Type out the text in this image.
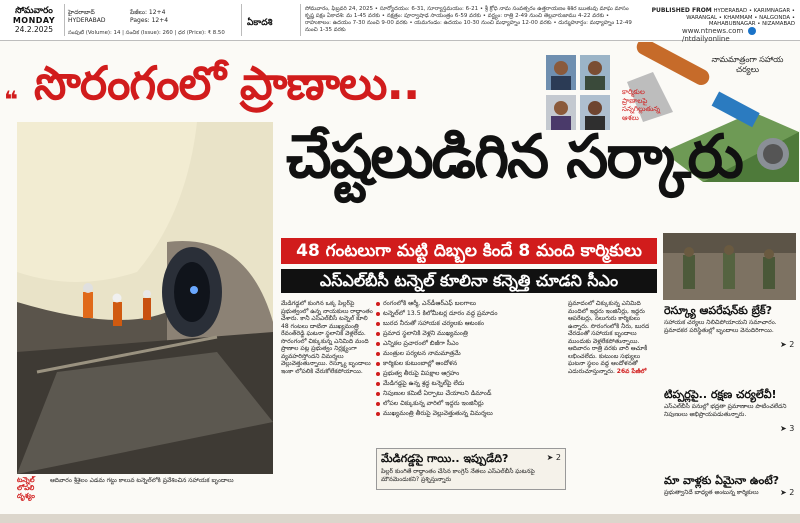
సోమవారం
MONDAY
24.2.2025
హైదరాబాద్
HYDERABAD
పేజీలు: 12+4
Pages: 12+4
సంపుటి (Volume): 14 | సంచిక (Issue): 260 | ధర (Price): ₹ 8.50
ఏకాదశి
సోమవారం, ఫిబ్రవరి 24, 2025 • సూర్యోదయం: 6-31, సూర్యాస్తమయం: 6-21 • శ్రీ క్రోధి నామ సంవత్సరం ఉత్తరాయణం శిశిర ఋతువు మాఘ మాసం కృష్ణ పక్షం ఏకాదశి: మ 1-45 వరకు • నక్షత్రం: పూర్వాషాఢ సాయంత్రం 6-59 వరకు • వర్జ్యం: రాత్రి 2-49 నుంచి తెల్లవారుజాము 4-22 వరకు • రాహుకాలం: ఉదయం 7-30 నుంచి 9-00 వరకు • యమగండం: ఉదయం 10-30 నుంచి మధ్యాహ్నం 12-00 వరకు • దుర్ముహూర్తం: మధ్యాహ్నం 12-49 నుంచి 1-35 వరకు
PUBLISHED FROM HYDERABAD • KARIMNAGAR • WARANGAL • KHAMMAM • NALGONDA • MAHABUBNAGAR • NIZAMABAD
www.ntnews.com  /ntdailyonline
❝ సొరంగంలో ప్రాణాలు..	నామమాత్రంగా సహాయ చర్యలు
కార్మికుల ప్రాణాలపై సన్నగిల్లుతున్న ఆశలు
చేష్టలుడిగిన సర్కారు
టన్నెల్ లోపలి దృశ్యం
ఆదివారం శ్రీశైలం ఎడమ గట్టు కాలువ టన్నెల్‌లోకి ప్రవేశించిన సహాయక బృందాలు
48 గంటలుగా మట్టి దిబ్బల కిందే 8 మంది కార్మికులు
ఎస్‌ఎల్‌బీసీ టన్నెల్ కూలినా కన్నెత్తి చూడని సీఎం
మేడిగడ్డలో కుంగిన ఒక్క పిల్లర్‌పై ప్రభుత్వంలో ఉన్న నాయకులు రాద్ధాంతం చేశారు. కానీ ఎస్‌ఎల్‌బీసీ టన్నెల్ కూలి 48 గంటలు దాటినా ముఖ్యమంత్రి రేవంత్‌రెడ్డి ఘటనా స్థలానికి వెళ్లలేదు. సొరంగంలో చిక్కుకున్న ఎనిమిది మంది ప్రాణాల పట్ల ప్రభుత్వం నిర్లక్ష్యంగా వ్యవహరిస్తోందని విమర్శలు వెల్లువెత్తుతున్నాయి. రెస్క్యూ బృందాలు ఇంకా లోపలికి చేరుకోలేకపోయాయి.
రంగంలోకి ఆర్మీ, ఎన్‌డీఆర్‌ఎఫ్ బలగాలు
టన్నెల్‌లో 13.5 కిలోమీటర్ల దూరం వద్ద ప్రమాదం
బురద నీరుతో సహాయక చర్యలకు ఆటంకం
ప్రమాద స్థలానికి వెళ్లని ముఖ్యమంత్రి
ఎన్నికల ప్రచారంలో బిజీగా సీఎం
మంత్రుల పర్యటన నామమాత్రమే
కార్మికుల కుటుంబాల్లో ఆందోళన
ప్రభుత్వ తీరుపై విపక్షాల ఆగ్రహం
మేడిగడ్డపై ఉన్న శ్రద్ధ టన్నెల్‌పై లేదు
నిపుణుల కమిటీ ఏర్పాటు చేయాలని డిమాండ్
లోపల చిక్కుకున్న వారిలో ఇద్దరు ఇంజినీర్లు
ముఖ్యమంత్రి తీరుపై వెల్లువెత్తుతున్న విమర్శలు
మేడిగడ్డపై గాయి.. ఇప్పుడేది?	➤ 2
పిల్లర్ కుంగితే రాద్ధాంతం చేసిన కాంగ్రెస్ నేతలు ఎస్‌ఎల్‌బీసీ ఘటనపై మౌనమెందుకని? ప్రశ్నిస్తున్నారు
ప్రమాదంలో చిక్కుకున్న ఎనిమిది మందిలో ఇద్దరు ఇంజినీర్లు, ఇద్దరు ఆపరేటర్లు, నలుగురు కార్మికులు ఉన్నారు. సొరంగంలోకి నీరు, బురద చేరడంతో సహాయక బృందాలు ముందుకు వెళ్లలేకపోతున్నాయి. ఆదివారం రాత్రి వరకు వారి ఆచూకీ లభించలేదు. కుటుంబ సభ్యులు ఘటనా స్థలం వద్ద ఆందోళనతో ఎదురుచూస్తున్నారు. 26వ పేజీలో
రెస్క్యూ ఆపరేషన్‌కు బ్రేక్?
సహాయక చర్యలు నిలిచిపోయాయని సమాచారం. ప్రమాదకర పరిస్థితుల్లో బృందాలు వెనుదిరిగాయి.
➤ 2
టిప్పర్లపై.. రక్షణ చర్యలేవీ!
ఎస్‌ఎల్‌బీసీ పనుల్లో భద్రతా ప్రమాణాలు పాటించలేదని నిపుణులు అభిప్రాయపడుతున్నారు.
➤ 3
మా వాళ్లకు ఏమైనా ఉంటే?
ప్రభుత్వానిదే బాధ్యత అంటున్న కార్మికులు	➤ 2
